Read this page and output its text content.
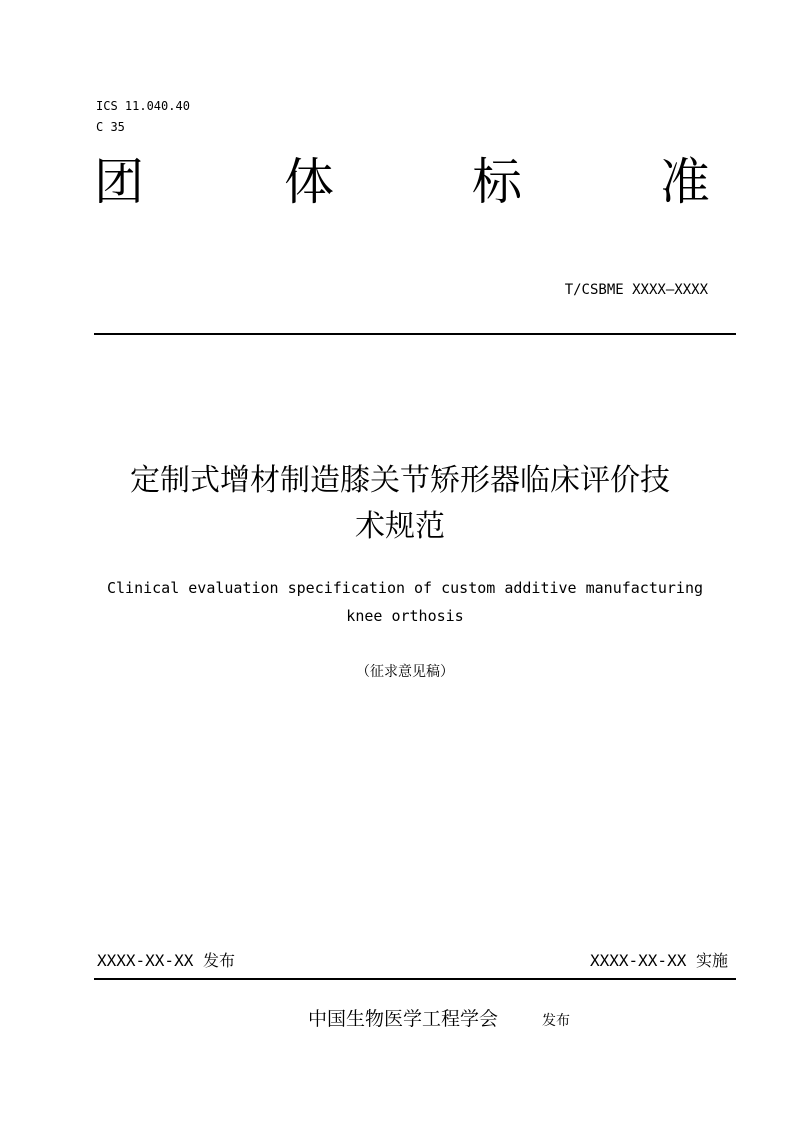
ICS 11.040.40
C 35
团	体	标	准
T/CSBME XXXX—XXXX
定制式增材制造膝关节矫形器临床评价技
术规范
Clinical evaluation specification of custom additive manufacturing
knee orthosis
（征求意见稿）
XXXX-XX-XX 发布	XXXX-XX-XX 实施
中国生物医学工程学会	发布
